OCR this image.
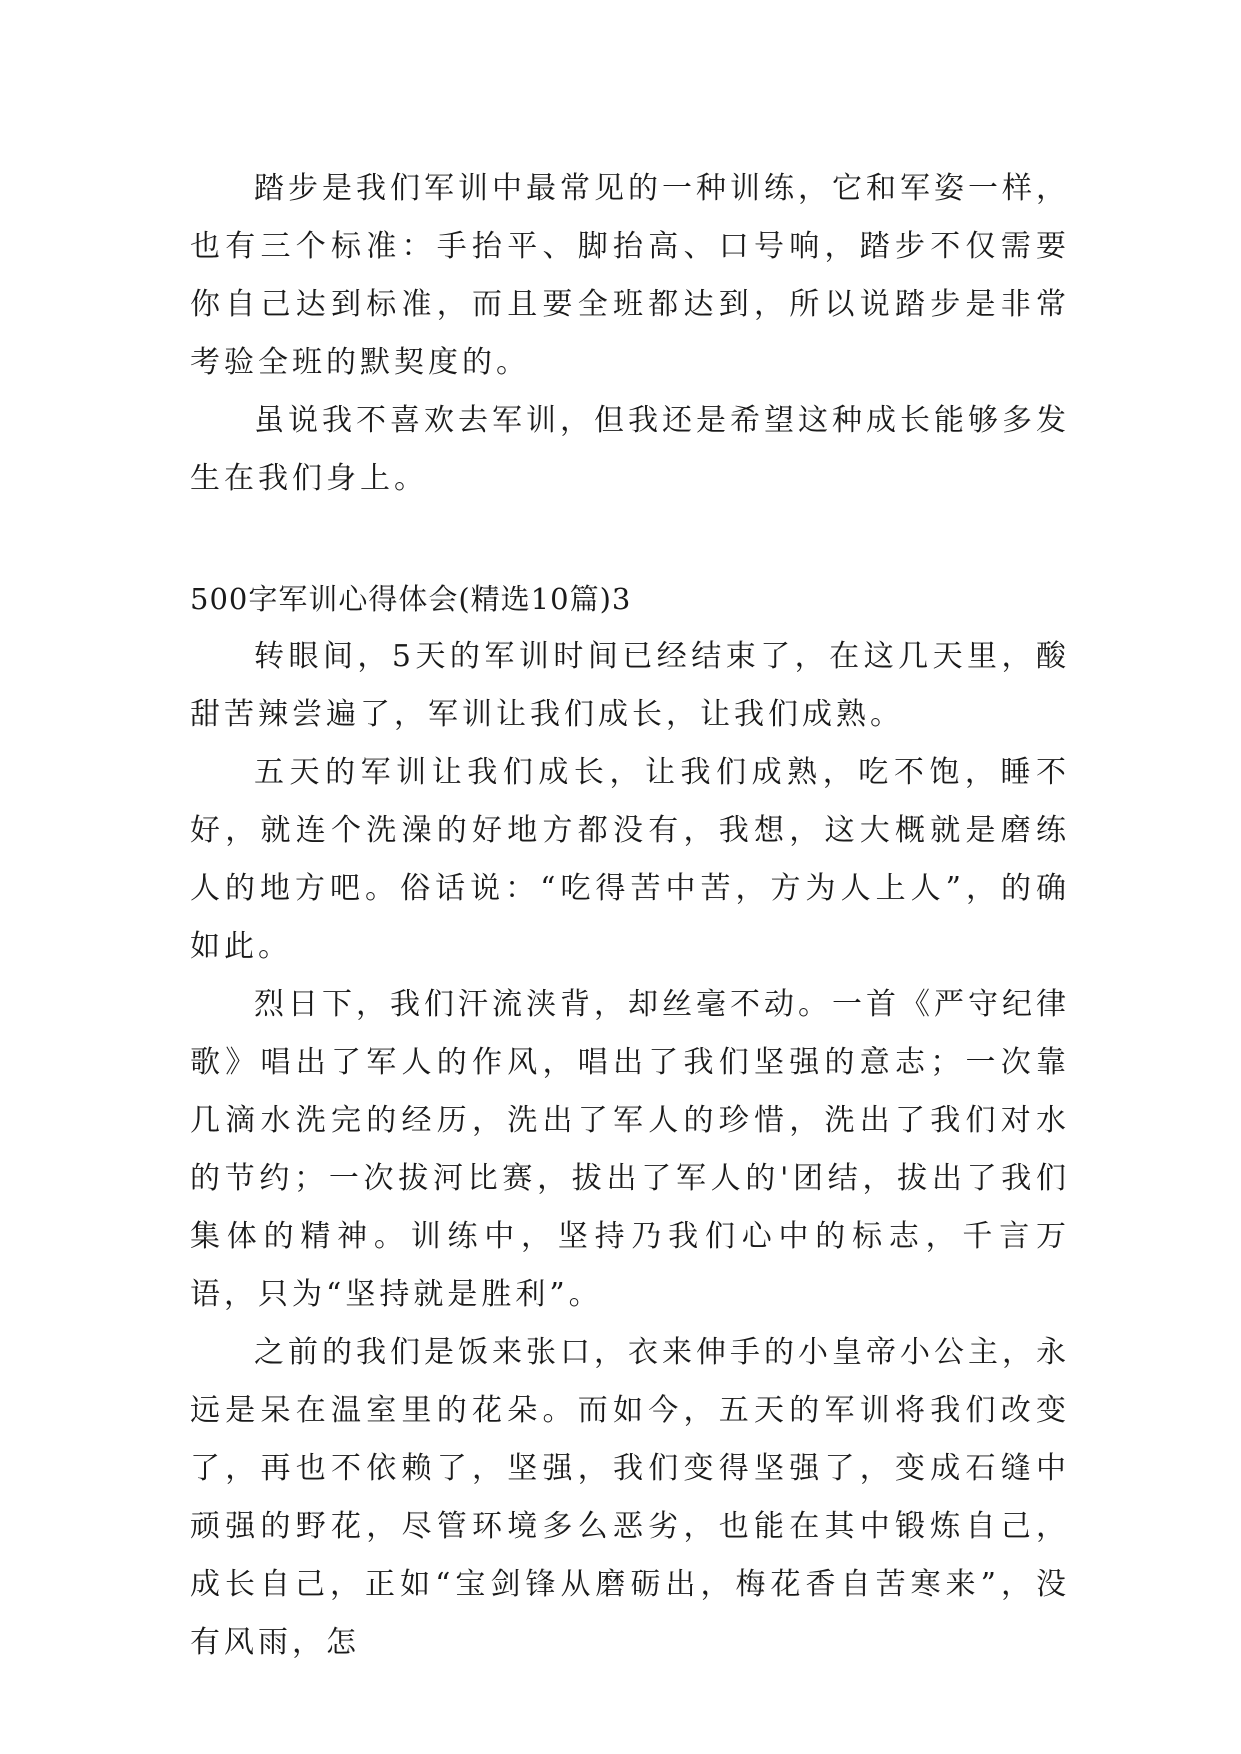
踏步是我们军训中最常见的一种训练，它和军姿一样，也有三个标准：手抬平、脚抬高、口号响，踏步不仅需要你自己达到标准，而且要全班都达到，所以说踏步是非常考验全班的默契度的。

虽说我不喜欢去军训，但我还是希望这种成长能够多发生在我们身上。

500字军训心得体会(精选10篇)3

转眼间，5天的军训时间已经结束了，在这几天里，酸甜苦辣尝遍了，军训让我们成长，让我们成熟。

五天的军训让我们成长，让我们成熟，吃不饱，睡不好，就连个洗澡的好地方都没有，我想，这大概就是磨练人的地方吧。俗话说：“吃得苦中苦，方为人上人”，的确如此。

烈日下，我们汗流浃背，却丝毫不动。一首《严守纪律歌》唱出了军人的作风，唱出了我们坚强的意志；一次靠几滴水洗完的经历，洗出了军人的珍惜，洗出了我们对水的节约；一次拔河比赛，拔出了军人的'团结，拔出了我们集体的精神。训练中，坚持乃我们心中的标志，千言万语，只为“坚持就是胜利”。

之前的我们是饭来张口，衣来伸手的小皇帝小公主，永远是呆在温室里的花朵。而如今，五天的军训将我们改变了，再也不依赖了，坚强，我们变得坚强了，变成石缝中顽强的野花，尽管环境多么恶劣，也能在其中锻炼自己，成长自己，正如“宝剑锋从磨砺出，梅花香自苦寒来”，没有风雨，怎
